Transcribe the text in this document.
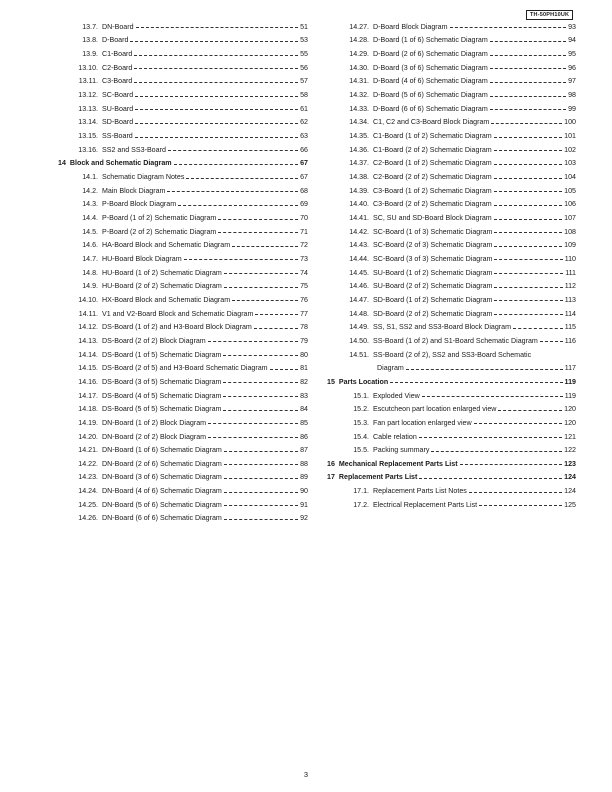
TH-50PH10UK
13.7. DN-Board	51
13.8. D-Board	53
13.9. C1-Board	55
13.10. C2-Board	56
13.11. C3-Board	57
13.12. SC-Board	58
13.13. SU-Board	61
13.14. SD-Board	62
13.15. SS-Board	63
13.16. SS2 and SS3-Board	66
14 Block and Schematic Diagram	67
14.1. Schematic Diagram Notes	67
14.2. Main Block Diagram	68
14.3. P-Board Block Diagram	69
14.4. P-Board (1 of 2) Schematic Diagram	70
14.5. P-Board (2 of 2) Schematic Diagram	71
14.6. HA-Board Block and Schematic Diagram	72
14.7. HU-Board Block Diagram	73
14.8. HU-Board (1 of 2) Schematic Diagram	74
14.9. HU-Board (2 of 2) Schematic Diagram	75
14.10. HX-Board Block and Schematic Diagram	76
14.11. V1 and V2-Board Block and Schematic Diagram	77
14.12. DS-Board (1 of 2) and H3-Board Block Diagram	78
14.13. DS-Board (2 of 2) Block Diagram	79
14.14. DS-Board (1 of 5) Schematic Diagram	80
14.15. DS-Board (2 of 5) and H3-Board Schematic Diagram	81
14.16. DS-Board (3 of 5) Schematic Diagram	82
14.17. DS-Board (4 of 5) Schematic Diagram	83
14.18. DS-Board (5 of 5) Schematic Diagram	84
14.19. DN-Board (1 of 2) Block Diagram	85
14.20. DN-Board (2 of 2) Block Diagram	86
14.21. DN-Board (1 of 6) Schematic Diagram	87
14.22. DN-Board (2 of 6) Schematic Diagram	88
14.23. DN-Board (3 of 6) Schematic Diagram	89
14.24. DN-Board (4 of 6) Schematic Diagram	90
14.25. DN-Board (5 of 6) Schematic Diagram	91
14.26. DN-Board (6 of 6) Schematic Diagram	92
14.27. D-Board Block Diagram	93
14.28. D-Board (1 of 6) Schematic Diagram	94
14.29. D-Board (2 of 6) Schematic Diagram	95
14.30. D-Board (3 of 6) Schematic Diagram	96
14.31. D-Board (4 of 6) Schematic Diagram	97
14.32. D-Board (5 of 6) Schematic Diagram	98
14.33. D-Board (6 of 6) Schematic Diagram	99
14.34. C1, C2 and C3-Board Block Diagram	100
14.35. C1-Board (1 of 2) Schematic Diagram	101
14.36. C1-Board (2 of 2) Schematic Diagram	102
14.37. C2-Board (1 of 2) Schematic Diagram	103
14.38. C2-Board (2 of 2) Schematic Diagram	104
14.39. C3-Board (1 of 2) Schematic Diagram	105
14.40. C3-Board (2 of 2) Schematic Diagram	106
14.41. SC, SU and SD-Board Block Diagram	107
14.42. SC-Board (1 of 3) Schematic Diagram	108
14.43. SC-Board (2 of 3) Schematic Diagram	109
14.44. SC-Board (3 of 3) Schematic Diagram	110
14.45. SU-Board (1 of 2) Schematic Diagram	111
14.46. SU-Board (2 of 2) Schematic Diagram	112
14.47. SD-Board (1 of 2) Schematic Diagram	113
14.48. SD-Board (2 of 2) Schematic Diagram	114
14.49. SS, S1, SS2 and SS3-Board Block Diagram	115
14.50. SS-Board (1 of 2) and S1-Board Schematic Diagram	116
14.51. SS-Board (2 of 2), SS2 and SS3-Board Schematic
Diagram	117
15 Parts Location	119
15.1. Exploded View	119
15.2. Escutcheon part location enlarged view	120
15.3. Fan part location enlarged view	120
15.4. Cable relation	121
15.5. Packing summary	122
16 Mechanical Replacement Parts List	123
17 Replacement Parts List	124
17.1. Replacement Parts List Notes	124
17.2. Electrical Replacement Parts List	125
3
